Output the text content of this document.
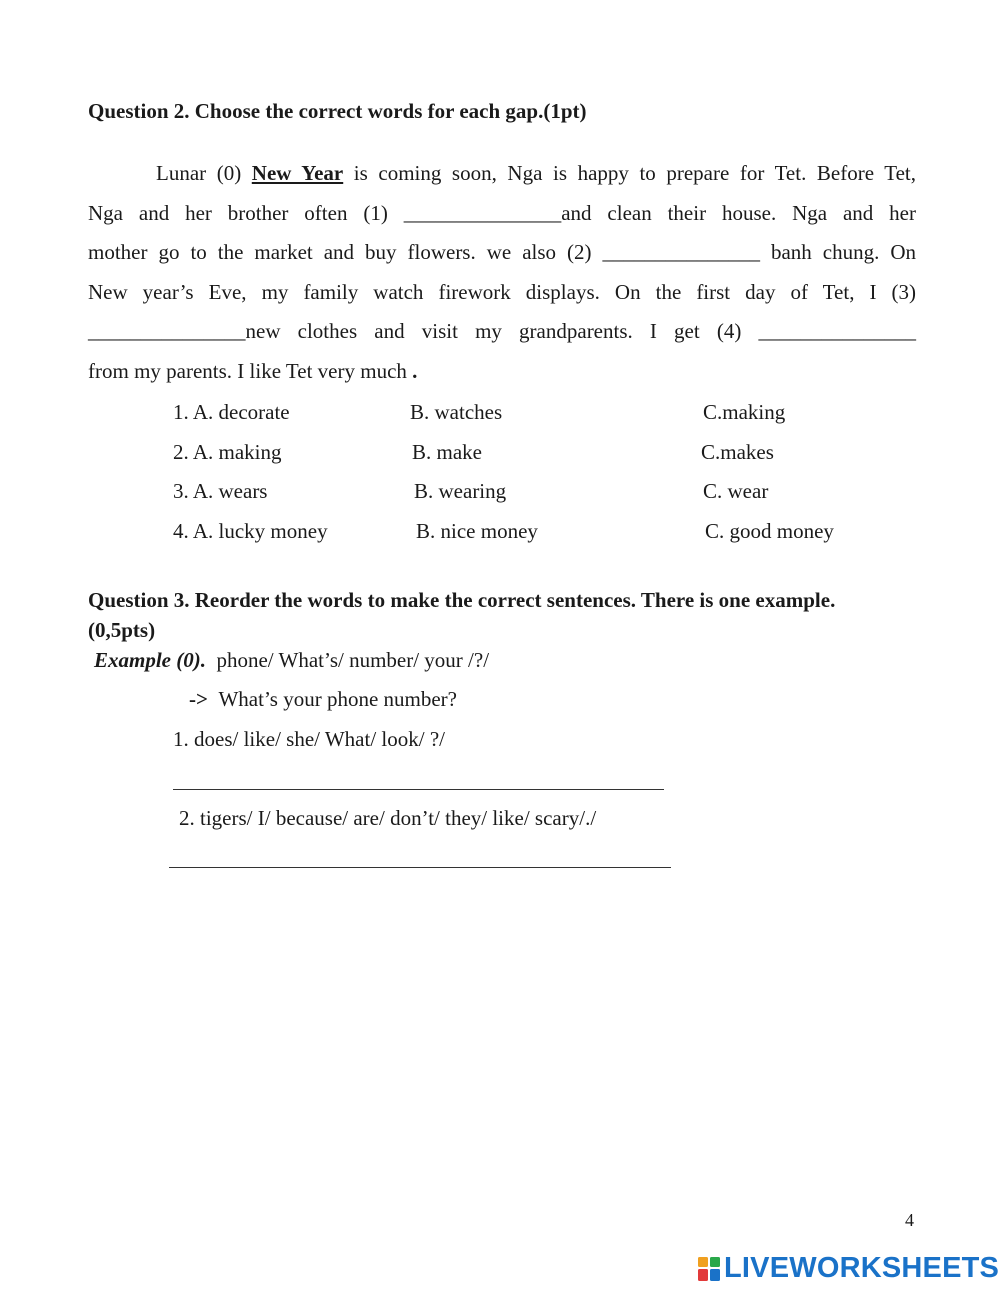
Question 2. Choose the correct words for each gap.(1pt)
Lunar (0) New Year is coming soon, Nga is happy to prepare for Tet. Before Tet,
Nga and her brother often (1) _______________and clean their house. Nga and her
mother go to the market and buy flowers. we also (2) _______________ banh chung. On
New year’s Eve, my family watch firework displays. On the first day of Tet, I (3)
_______________new clothes and visit my grandparents. I get (4) _______________
from my parents. I like Tet very much .
1. A. decorate	B. watches	C.making
2. A. making	B. make	C.makes
3. A. wears	B. wearing	C. wear
4. A. lucky money	B. nice money	C. good money
Question 3. Reorder the words to make the correct sentences. There is one example.
(0,5pts)
Example (0). phone/ What’s/ number/ your /?/
-> What’s your phone number?
1. does/ like/ she/ What/ look/ ?/
2. tigers/ I/ because/ are/ don’t/ they/ like/ scary/./
4
LIVEWORKSHEETS
